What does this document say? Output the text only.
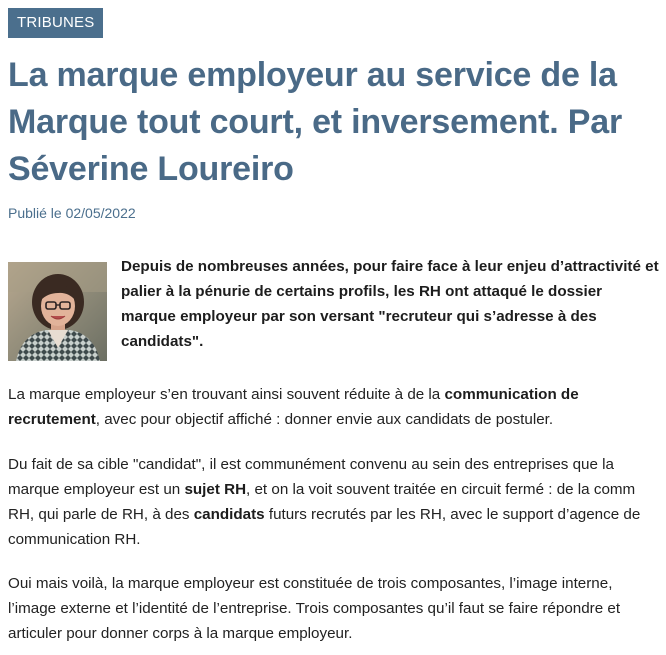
TRIBUNES
La marque employeur au service de la Marque tout court, et inversement. Par Séverine Loureiro
Publié le 02/05/2022

Depuis de nombreuses années, pour faire face à leur enjeu d’attractivité et palier à la pénurie de certains profils, les RH ont attaqué le dossier marque employeur par son versant "recruteur qui s’adresse à des candidats".

La marque employeur s’en trouvant ainsi souvent réduite à de la communication de recrutement, avec pour objectif affiché : donner envie aux candidats de postuler.

Du fait de sa cible "candidat", il est communément convenu au sein des entreprises que la marque employeur est un sujet RH, et on la voit souvent traitée en circuit fermé : de la comm RH, qui parle de RH, à des candidats futurs recrutés par les RH, avec le support d’agence de communication RH.

Oui mais voilà, la marque employeur est constituée de trois composantes, l’image interne, l’image externe et l’identité de l’entreprise. Trois composantes qu’il faut se faire répondre et articuler pour donner corps à la marque employeur.
